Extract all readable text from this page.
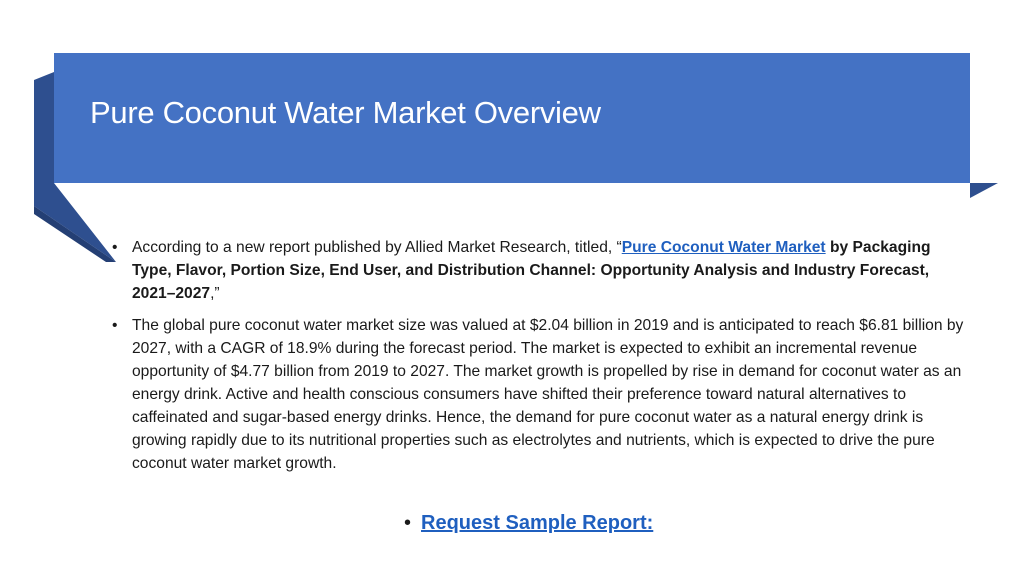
Pure Coconut Water Market Overview

• According to a new report published by Allied Market Research, titled, “Pure Coconut Water Market by Packaging Type, Flavor, Portion Size, End User, and Distribution Channel: Opportunity Analysis and Industry Forecast, 2021–2027,”

• The global pure coconut water market size was valued at $2.04 billion in 2019 and is anticipated to reach $6.81 billion by 2027, with a CAGR of 18.9% during the forecast period. The market is expected to exhibit an incremental revenue opportunity of $4.77 billion from 2019 to 2027. The market growth is propelled by rise in demand for coconut water as an energy drink. Active and health conscious consumers have shifted their preference toward natural alternatives to caffeinated and sugar-based energy drinks. Hence, the demand for pure coconut water as a natural energy drink is growing rapidly due to its nutritional properties such as electrolytes and nutrients, which is expected to drive the pure coconut water market growth.

• Request Sample Report:
